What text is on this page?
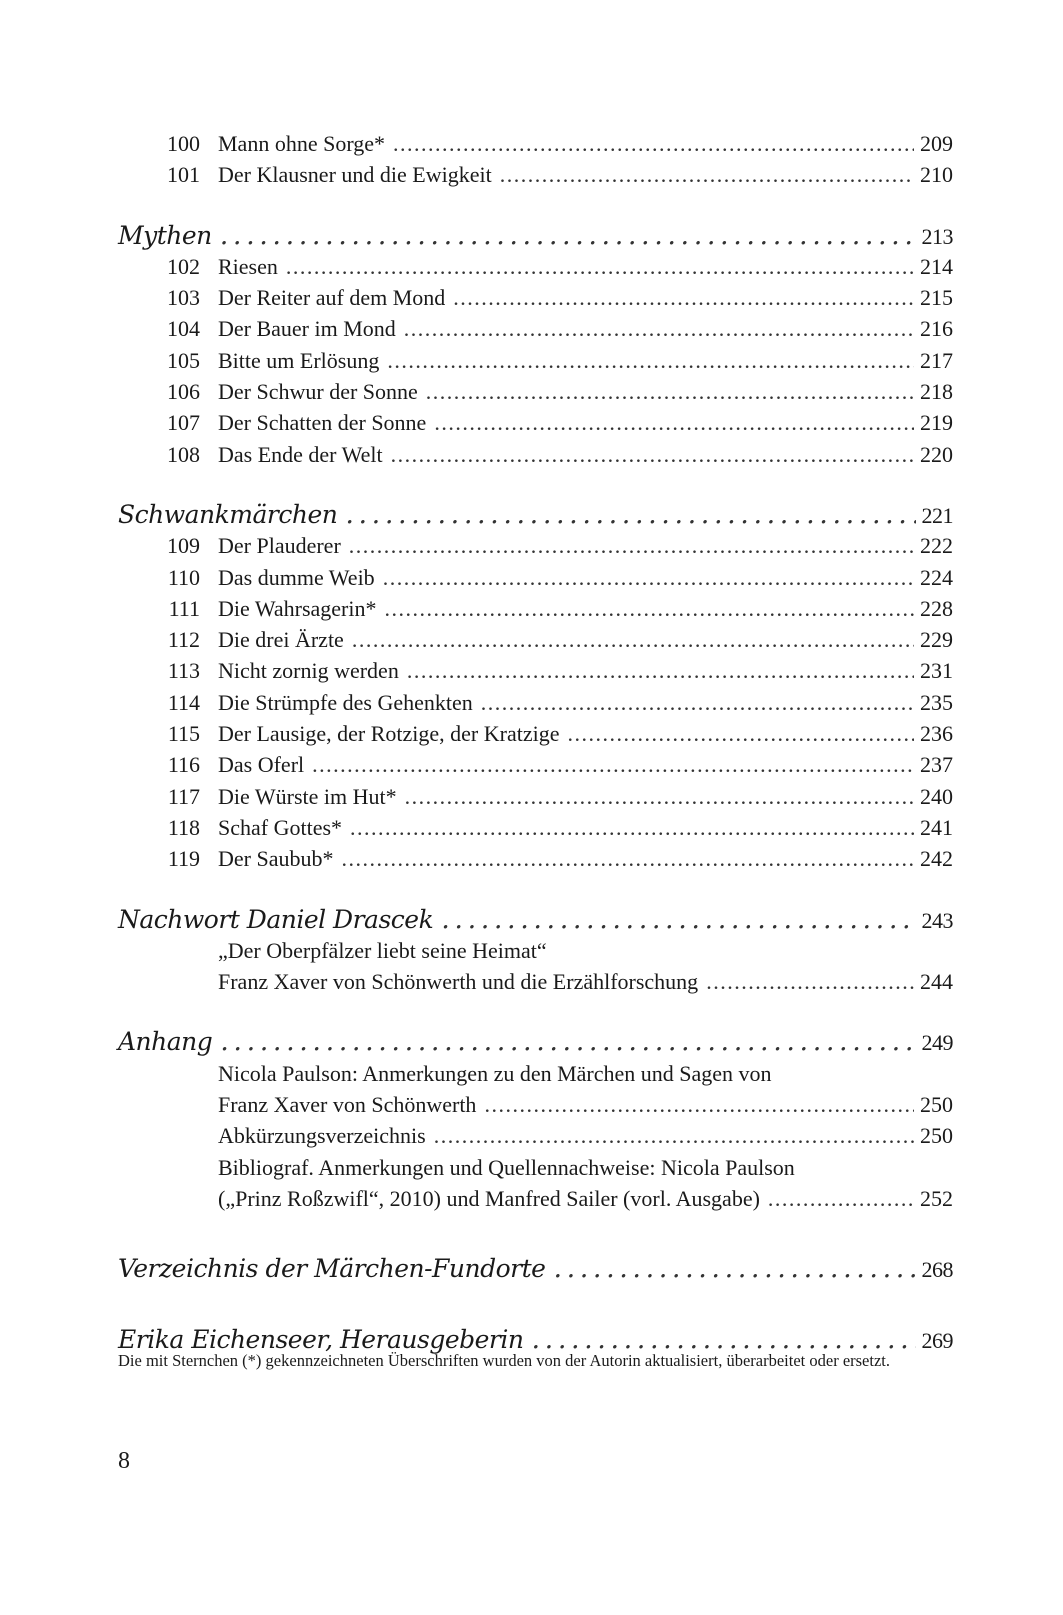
100 Mann ohne Sorge* . . .	209
101 Der Klausner und die Ewigkeit . . .	210
Mythen . . .	213
102 Riesen . . .	214
103 Der Reiter auf dem Mond . . .	215
104 Der Bauer im Mond . . .	216
105 Bitte um Erlösung . . .	217
106 Der Schwur der Sonne . . .	218
107 Der Schatten der Sonne . . .	219
108 Das Ende der Welt . . .	220
Schwankmärchen . . .	221
109 Der Plauderer . . .	222
110 Das dumme Weib . . .	224
111 Die Wahrsagerin* . . .	228
112 Die drei Ärzte . . .	229
113 Nicht zornig werden . . .	231
114 Die Strümpfe des Gehenkten . . .	235
115 Der Lausige, der Rotzige, der Kratzige . . .	236
116 Das Oferl . . .	237
117 Die Würste im Hut* . . .	240
118 Schaf Gottes* . . .	241
119 Der Saubub* . . .	242
Nachwort Daniel Drascek . . .	243
„Der Oberpfälzer liebt seine Heimat“
Franz Xaver von Schönwerth und die Erzählforschung . . .	244
Anhang . . .	249
Nicola Paulson: Anmerkungen zu den Märchen und Sagen von
Franz Xaver von Schönwerth . . .	250
Abkürzungsverzeichnis . . .	250
Bibliograf. Anmerkungen und Quellennachweise: Nicola Paulson
(„Prinz Roßzwifl“, 2010) und Manfred Sailer (vorl. Ausgabe) . . .	252
Verzeichnis der Märchen-Fundorte . . .	268
Erika Eichenseer, Herausgeberin . . .	269
Die mit Sternchen (*) gekennzeichneten Überschriften wurden von der Autorin aktualisiert, überarbeitet oder ersetzt.
8
